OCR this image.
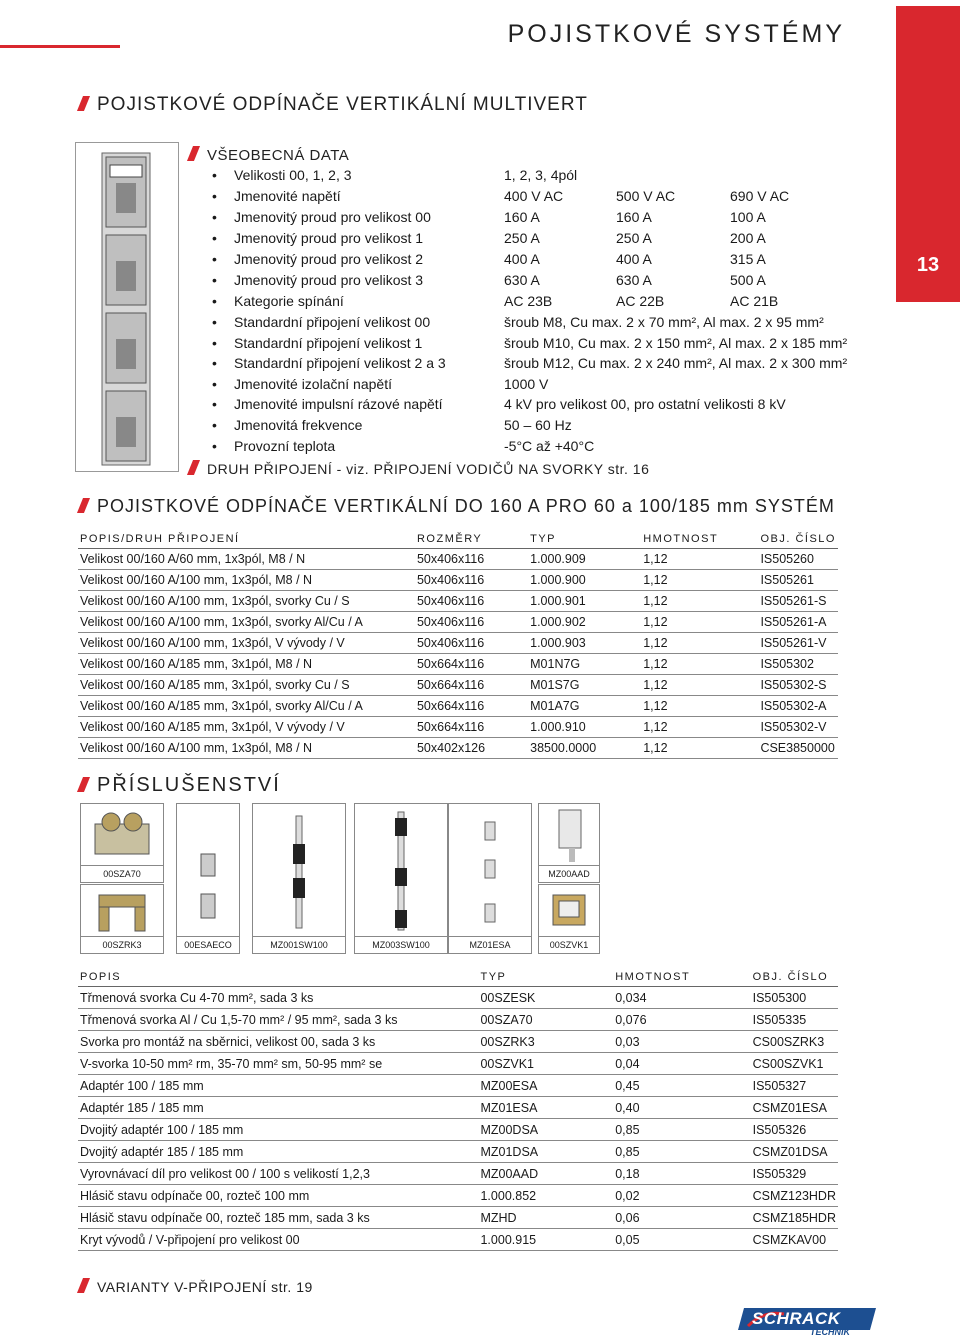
POJISTKOVÉ SYSTÉMY
13
POJISTKOVÉ ODPÍNAČE VERTIKÁLNÍ MULTIVERT
VŠEOBECNÁ DATA
• Velikosti 00, 1, 2, 3	1, 2, 3, 4pól
• Jmenovité napětí	400 V AC	500 V AC	690 V AC
• Jmenovitý proud pro velikost 00	160 A	160 A	100 A
• Jmenovitý proud pro velikost 1	250 A	250 A	200 A
• Jmenovitý proud pro velikost 2	400 A	400 A	315 A
• Jmenovitý proud pro velikost 3	630 A	630 A	500 A
• Kategorie spínání	AC 23B	AC 22B	AC 21B
• Standardní připojení velikost 00	šroub M8, Cu max. 2 x 70 mm², Al max. 2 x 95 mm²
• Standardní připojení velikost 1	šroub M10, Cu max. 2 x 150 mm², Al max. 2 x 185 mm²
• Standardní připojení velikost 2 a 3	šroub M12, Cu max. 2 x 240 mm², Al max. 2 x 300 mm²
• Jmenovité izolační napětí	1000 V
• Jmenovité impulsní rázové napětí	4 kV pro velikost 00, pro ostatní velikosti 8 kV
• Jmenovitá frekvence	50 – 60 Hz
• Provozní teplota	-5°C až +40°C
DRUH PŘIPOJENÍ - viz. PŘIPOJENÍ VODIČŮ NA SVORKY str. 16
POJISTKOVÉ ODPÍNAČE VERTIKÁLNÍ DO 160 A PRO 60 a 100/185 mm SYSTÉM
POPIS/DRUH PŘIPOJENÍ	ROZMĚRY	TYP	HMOTNOST	OBJ. ČÍSLO
Velikost 00/160 A/60 mm, 1x3pól, M8 / N	50x406x116	1.000.909	1,12	IS505260
Velikost 00/160 A/100 mm, 1x3pól, M8 / N	50x406x116	1.000.900	1,12	IS505261
Velikost 00/160 A/100 mm, 1x3pól, svorky Cu / S	50x406x116	1.000.901	1,12	IS505261-S
Velikost 00/160 A/100 mm, 1x3pól, svorky Al/Cu / A	50x406x116	1.000.902	1,12	IS505261-A
Velikost 00/160 A/100 mm, 1x3pól, V vývody / V	50x406x116	1.000.903	1,12	IS505261-V
Velikost 00/160 A/185 mm, 3x1pól, M8 / N	50x664x116	M01N7G	1,12	IS505302
Velikost 00/160 A/185 mm, 3x1pól, svorky Cu / S	50x664x116	M01S7G	1,12	IS505302-S
Velikost 00/160 A/185 mm, 3x1pól, svorky Al/Cu / A	50x664x116	M01A7G	1,12	IS505302-A
Velikost 00/160 A/185 mm, 3x1pól, V vývody / V	50x664x116	1.000.910	1,12	IS505302-V
Velikost 00/160 A/100 mm, 1x3pól, M8 / N	50x402x126	38500.0000	1,12	CSE3850000
PŘÍSLUŠENSTVÍ
00SZA70
00SZRK3	00ESAECO	MZ001SW100	MZ003SW100	MZ01ESA
MZ00AAD
00SZVK1
POPIS	TYP	HMOTNOST	OBJ. ČÍSLO
Třmenová svorka Cu 4-70 mm², sada 3 ks	00SZESK	0,034	IS505300
Třmenová svorka Al / Cu 1,5-70 mm² / 95 mm², sada 3 ks	00SZA70	0,076	IS505335
Svorka pro montáž na sběrnici, velikost 00, sada 3 ks	00SZRK3	0,03	CS00SZRK3
V-svorka 10-50 mm² rm, 35-70 mm² sm, 50-95 mm² se	00SZVK1	0,04	CS00SZVK1
Adaptér 100 / 185 mm	MZ00ESA	0,45	IS505327
Adaptér 185 / 185 mm	MZ01ESA	0,40	CSMZ01ESA
Dvojitý adaptér 100 / 185 mm	MZ00DSA	0,85	IS505326
Dvojitý adaptér 185 / 185 mm	MZ01DSA	0,85	CSMZ01DSA
Vyrovnávací díl pro velikost 00 / 100 s velikostí 1,2,3	MZ00AAD	0,18	IS505329
Hlásič stavu odpínače 00, rozteč 100 mm	1.000.852	0,02	CSMZ123HDR
Hlásič stavu odpínače 00, rozteč 185 mm, sada 3 ks	MZHD	0,06	CSMZ185HDR
Kryt vývodů / V-připojení pro velikost 00	1.000.915	0,05	CSMZKAV00
VARIANTY V-PŘIPOJENÍ str. 19
SCHRACK
TECHNIK
